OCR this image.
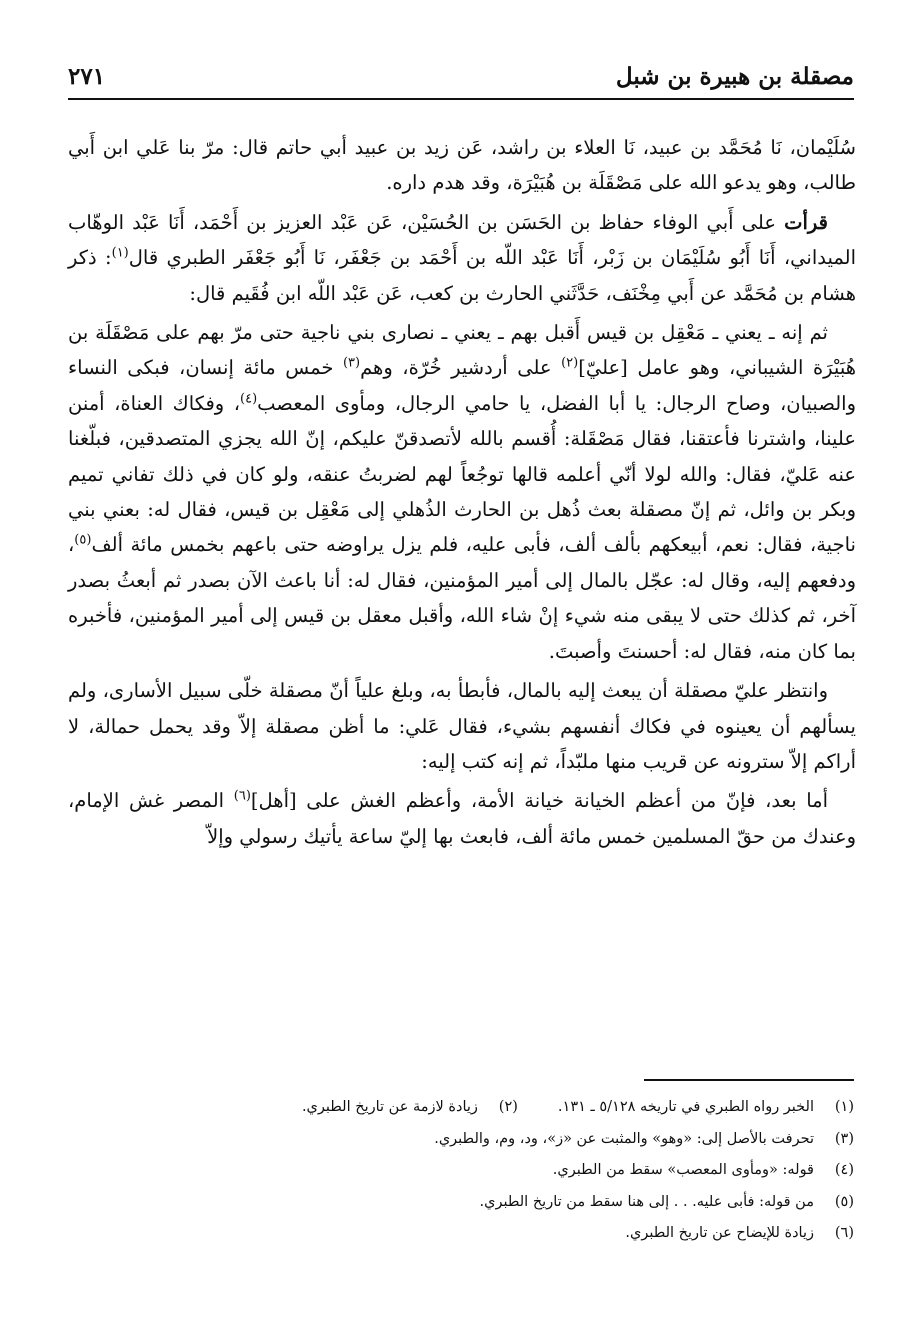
مصقلة بن هبيرة بن شبل
٢٧١

سُلَيْمان، نَا مُحَمَّد بن عبيد، نَا العلاء بن راشد، عَن زيد بن عبيد أبي حاتم قال: مرّ بنا عَلي ابن أَبي طالب، وهو يدعو الله على مَصْقَلَة بن هُبَيْرَة، وقد هدم داره.

قرأت على أَبي الوفاء حفاظ بن الحَسَن بن الحُسَيْن، عَن عَبْد العزيز بن أَحْمَد، أَنَا عَبْد الوهّاب الميداني، أَنَا أَبُو سُلَيْمَان بن زَبْر، أَنَا عَبْد اللّه بن أَحْمَد بن جَعْفَر، نَا أَبُو جَعْفَر الطبري قال$^{(١)}$: ذكر هشام بن مُحَمَّد عن أَبي مِخْنَف، حَدَّثَني الحارث بن كعب، عَن عَبْد اللّه ابن فُقَيم قال:

ثم إنه ـ يعني ـ مَعْقِل بن قيس أَقبل بهم ـ يعني ـ نصارى بني ناجية حتى مرّ بهم على مَصْقَلَة بن هُبَيْرَة الشيباني، وهو عامل [عليّ]$^{(٢)}$ على أردشير خُرّة، وهم$^{(٣)}$ خمس مائة إنسان، فبكى النساء والصبيان، وصاح الرجال: يا أبا الفضل، يا حامي الرجال، ومأوى المعصب$^{(٤)}$، وفكاك العناة، أمنن علينا، واشترنا فأعتقنا، فقال مَصْقَلة: أُقسم بالله لأتصدقنّ عليكم، إنّ الله يجزي المتصدقين، فبلّغنا عنه عَليّ، فقال: والله لولا أنّي أعلمه قالها توجُعاً لهم لضربتُ عنقه، ولو كان في ذلك تفاني تميم وبكر بن وائل، ثم إنّ مصقلة بعث ذُهل بن الحارث الذُهلي إلى مَعْقِل بن قيس، فقال له: بعني بني ناجية، فقال: نعم، أبيعكهم بألف ألف، فأبى عليه، فلم يزل يراوضه حتى باعهم بخمس مائة ألف$^{(٥)}$، ودفعهم إليه، وقال له: عجّل بالمال إلى أمير المؤمنين، فقال له: أنا باعث الآن بصدر ثم أبعثُ بصدر آخر، ثم كذلك حتى لا يبقى منه شيء إنْ شاء الله، وأقبل معقل بن قيس إلى أمير المؤمنين، فأخبره بما كان منه، فقال له: أحسنتَ وأصبتَ.

وانتظر عليّ مصقلة أن يبعث إليه بالمال، فأبطأ به، وبلغ علياً أنّ مصقلة خلّى سبيل الأسارى، ولم يسألهم أن يعينوه في فكاك أنفسهم بشيء، فقال عَلي: ما أظن مصقلة إلاّ وقد يحمل حمالة، لا أراكم إلاّ سترونه عن قريب منها ملبّداً، ثم إنه كتب إليه:

أما بعد، فإنّ من أعظم الخيانة خيانة الأمة، وأعظم الغش على [أهل]$^{(٦)}$ المصر غش الإمام، وعندك من حقّ المسلمين خمس مائة ألف، فابعث بها إليّ ساعة يأتيك رسولي وإلاّ

(١)
الخبر رواه الطبري في تاريخه ٥/١٢٨ ـ ١٣١.
(٢)
زيادة لازمة عن تاريخ الطبري.
(٣)
تحرفت بالأصل إلى: «وهو» والمثبت عن «ز»، ود، وم، والطبري.
(٤)
قوله: «ومأوى المعصب» سقط من الطبري.
(٥)
من قوله: فأبى عليه. . . إلى هنا سقط من تاريخ الطبري.
(٦)
زيادة للإيضاح عن تاريخ الطبري.
